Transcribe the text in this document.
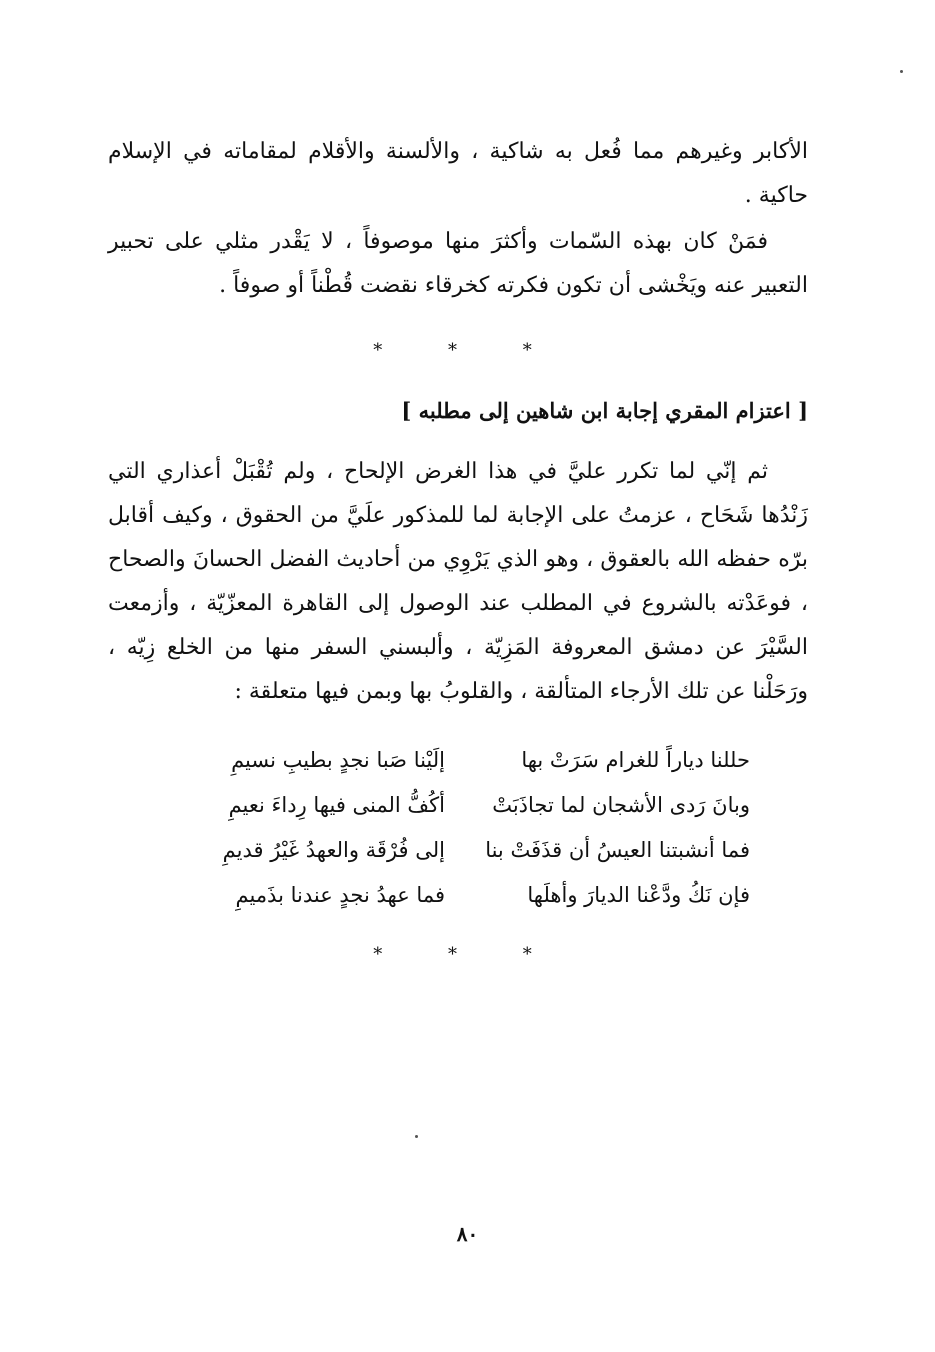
الأكابر وغيرهم مما فُعل به شاكية ، والألسنة والأقلام لمقاماته في الإسلام حاكية .

فمَنْ كان بهذه السّمات وأكثرَ منها موصوفاً ، لا يَقْدر مثلي على تحبير التعبير عنه ويَخْشى أن تكون فكرته كخرقاء نقضت قُطْناً أو صوفاً .

* * *
[ اعتزام المقري إجابة ابن شاهين إلى مطلبه ]

ثم إنّي لما تكرر عليَّ في هذا الغرض الإلحاح ، ولم تُقْبَلْ أعذاري التي زَنْدُها شَحَاح ، عزمتُ على الإجابة لما للمذكور علَيَّ من الحقوق ، وكيف أقابل برّه حفظه الله بالعقوق ، وهو الذي يَرْوِي من أحاديث الفضل الحسانَ والصحاح ، فوعَدْته بالشروع في المطلب عند الوصول إلى القاهرة المعزّيّة ، وأزمعت السَّيْرَ عن دمشق المعروفة المَزِيّة ، وألبسني السفر منها من الخلع زِيّه ، ورَحَلْنا عن تلك الأرجاء المتألقة ، والقلوبُ بها وبمن فيها متعلقة :

حللنا دياراً للغرام سَرَتْ بها
إلَيْنا صَبا نجدٍ بطيبِ نسيمِ
وبانَ رَدى الأشجان لما تجاذَبَتْ
أكُفُّ المنى فيها رِداءَ نعيمِ
فما أنشبتنا العيسُ أن قذَفَتْ بنا
إلى فُرْقَة والعهدُ غَيْرُ قديمِ
فإن نَكُ ودَّعْنا الديارَ وأهلَها
فما عهدُ نجدٍ عندنا بذَميمِ
* * *
٨٠
